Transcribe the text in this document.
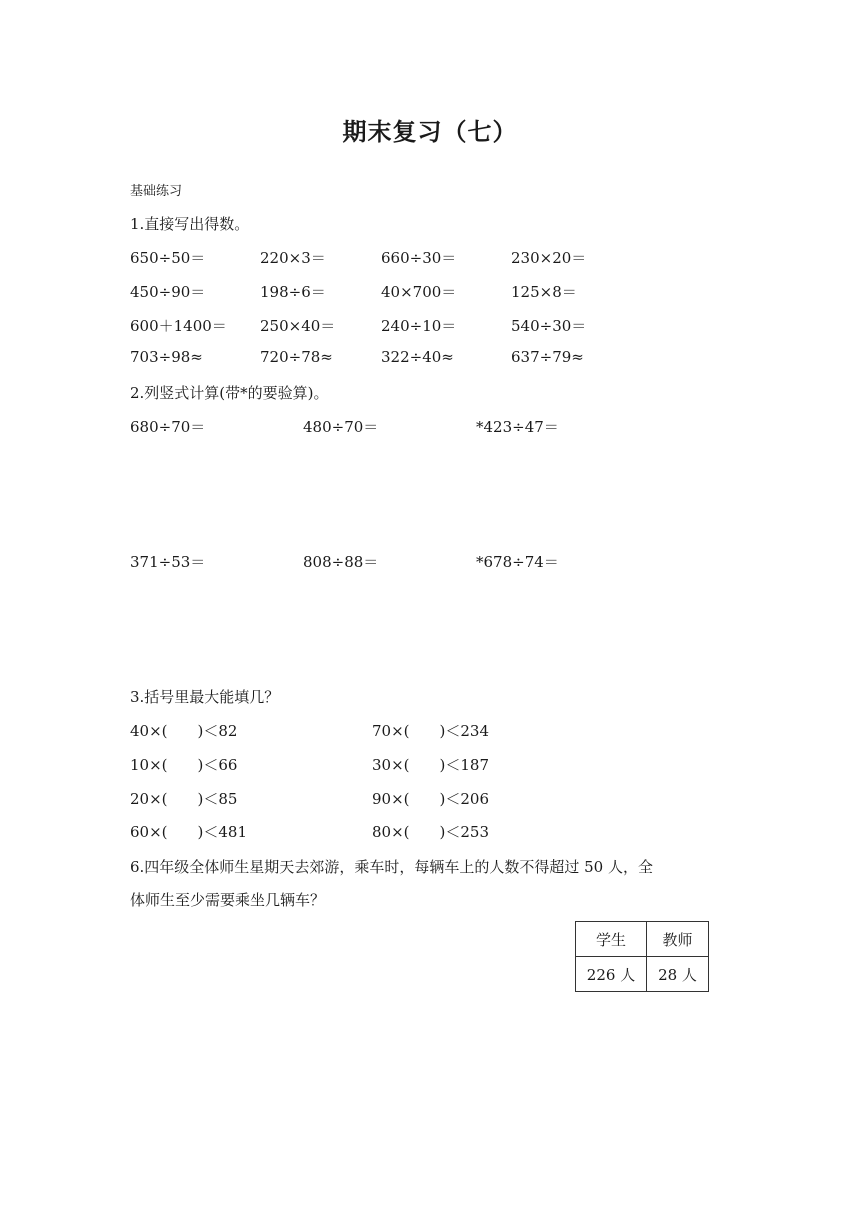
期末复习（七）
基础练习
1.直接写出得数。
650÷50＝	220×3＝	660÷30＝	230×20＝
450÷90＝	198÷6＝	40×700＝	125×8＝
600＋1400＝ 250×40＝	240÷10＝	540÷30＝
703÷98≈	720÷78≈	322÷40≈	637÷79≈
2.列竖式计算(带*的要验算)。
680÷70＝	480÷70＝	*423÷47＝
371÷53＝	808÷88＝	*678÷74＝
3.括号里最大能填几？
40×(　　)＜82	70×(　　)＜234
10×(　　)＜66	30×(　　)＜187
20×(　　)＜85	90×(　　)＜206
60×(　　)＜481	80×(　　)＜253
6.四年级全体师生星期天去郊游，乘车时，每辆车上的人数不得超过 50 人，全
体师生至少需要乘坐几辆车？
学生	教师
226 人	28 人
